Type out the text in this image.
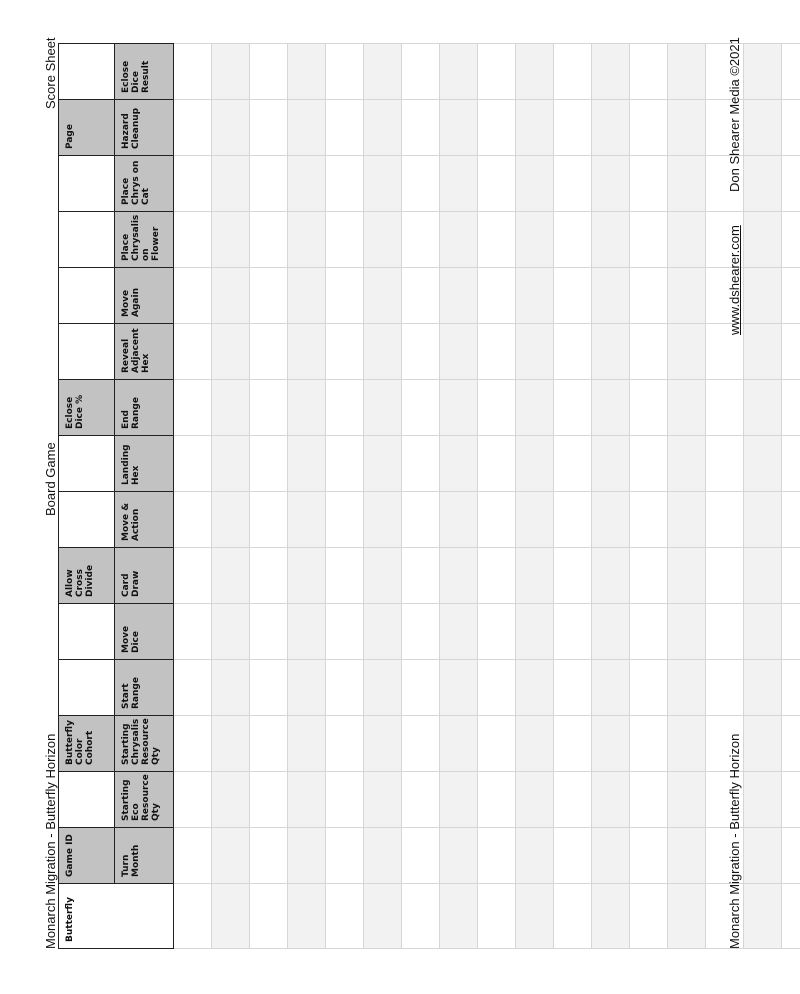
Monarch Migration - Butterfly Horizon
Board Game
Score Sheet
Butterfly	Game ID		Butterfly Color Cohort			Allow Cross Divide			Eclose Dice %					Page	
	Turn Month	Starting Eco Resource Qty	Starting Chrysalis Resource Qty	Start Range	Move Dice	Card Draw	Move & Action	Landing Hex	End Range	Reveal Adjacent Hex	Move Again	Place Chrysalis on Flower	Place Chrys on Cat	Hazard Cleanup	Eclose Dice Result

Monarch Migration - Butterfly Horizon
www.dshearer.com
Don Shearer Media ©2021
